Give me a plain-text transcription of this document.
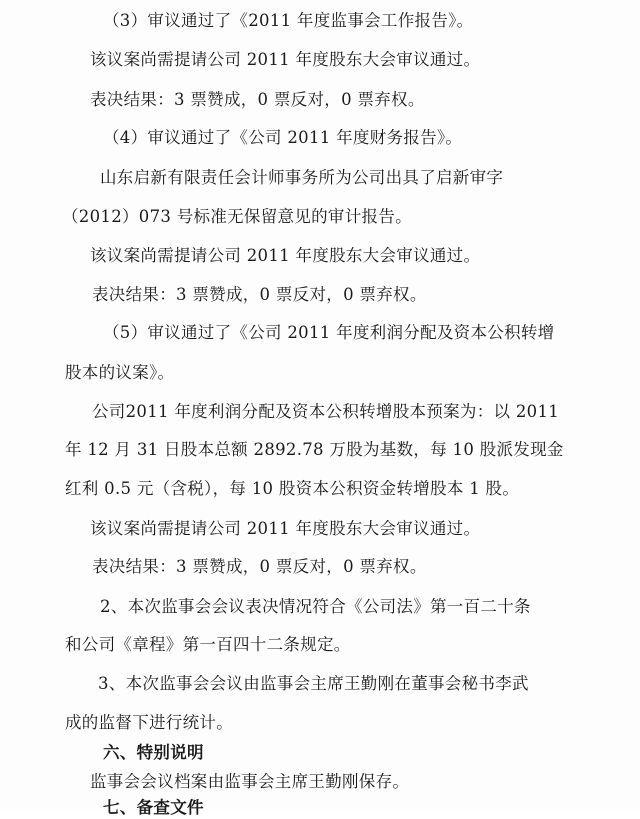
（3）审议通过了《2011 年度监事会工作报告》。
该议案尚需提请公司 2011 年度股东大会审议通过。
表决结果：3 票赞成，0 票反对，0 票弃权。
（4）审议通过了《公司 2011 年度财务报告》。
山东启新有限责任会计师事务所为公司出具了启新审字
（2012）073 号标准无保留意见的审计报告。
该议案尚需提请公司 2011 年度股东大会审议通过。
表决结果：3 票赞成，0 票反对，0 票弃权。
（5）审议通过了《公司 2011 年度利润分配及资本公积转增
股本的议案》。
公司2011 年度利润分配及资本公积转增股本预案为：以 2011
年 12 月 31 日股本总额 2892.78 万股为基数，每 10 股派发现金
红利 0.5 元（含税），每 10 股资本公积资金转增股本 1 股。
该议案尚需提请公司 2011 年度股东大会审议通过。
表决结果：3 票赞成，0 票反对，0 票弃权。
2、本次监事会会议表决情况符合《公司法》第一百二十条
和公司《章程》第一百四十二条规定。
3、本次监事会会议由监事会主席王勤刚在董事会秘书李武
成的监督下进行统计。
六、特别说明
监事会会议档案由监事会主席王勤刚保存。
七、备查文件
